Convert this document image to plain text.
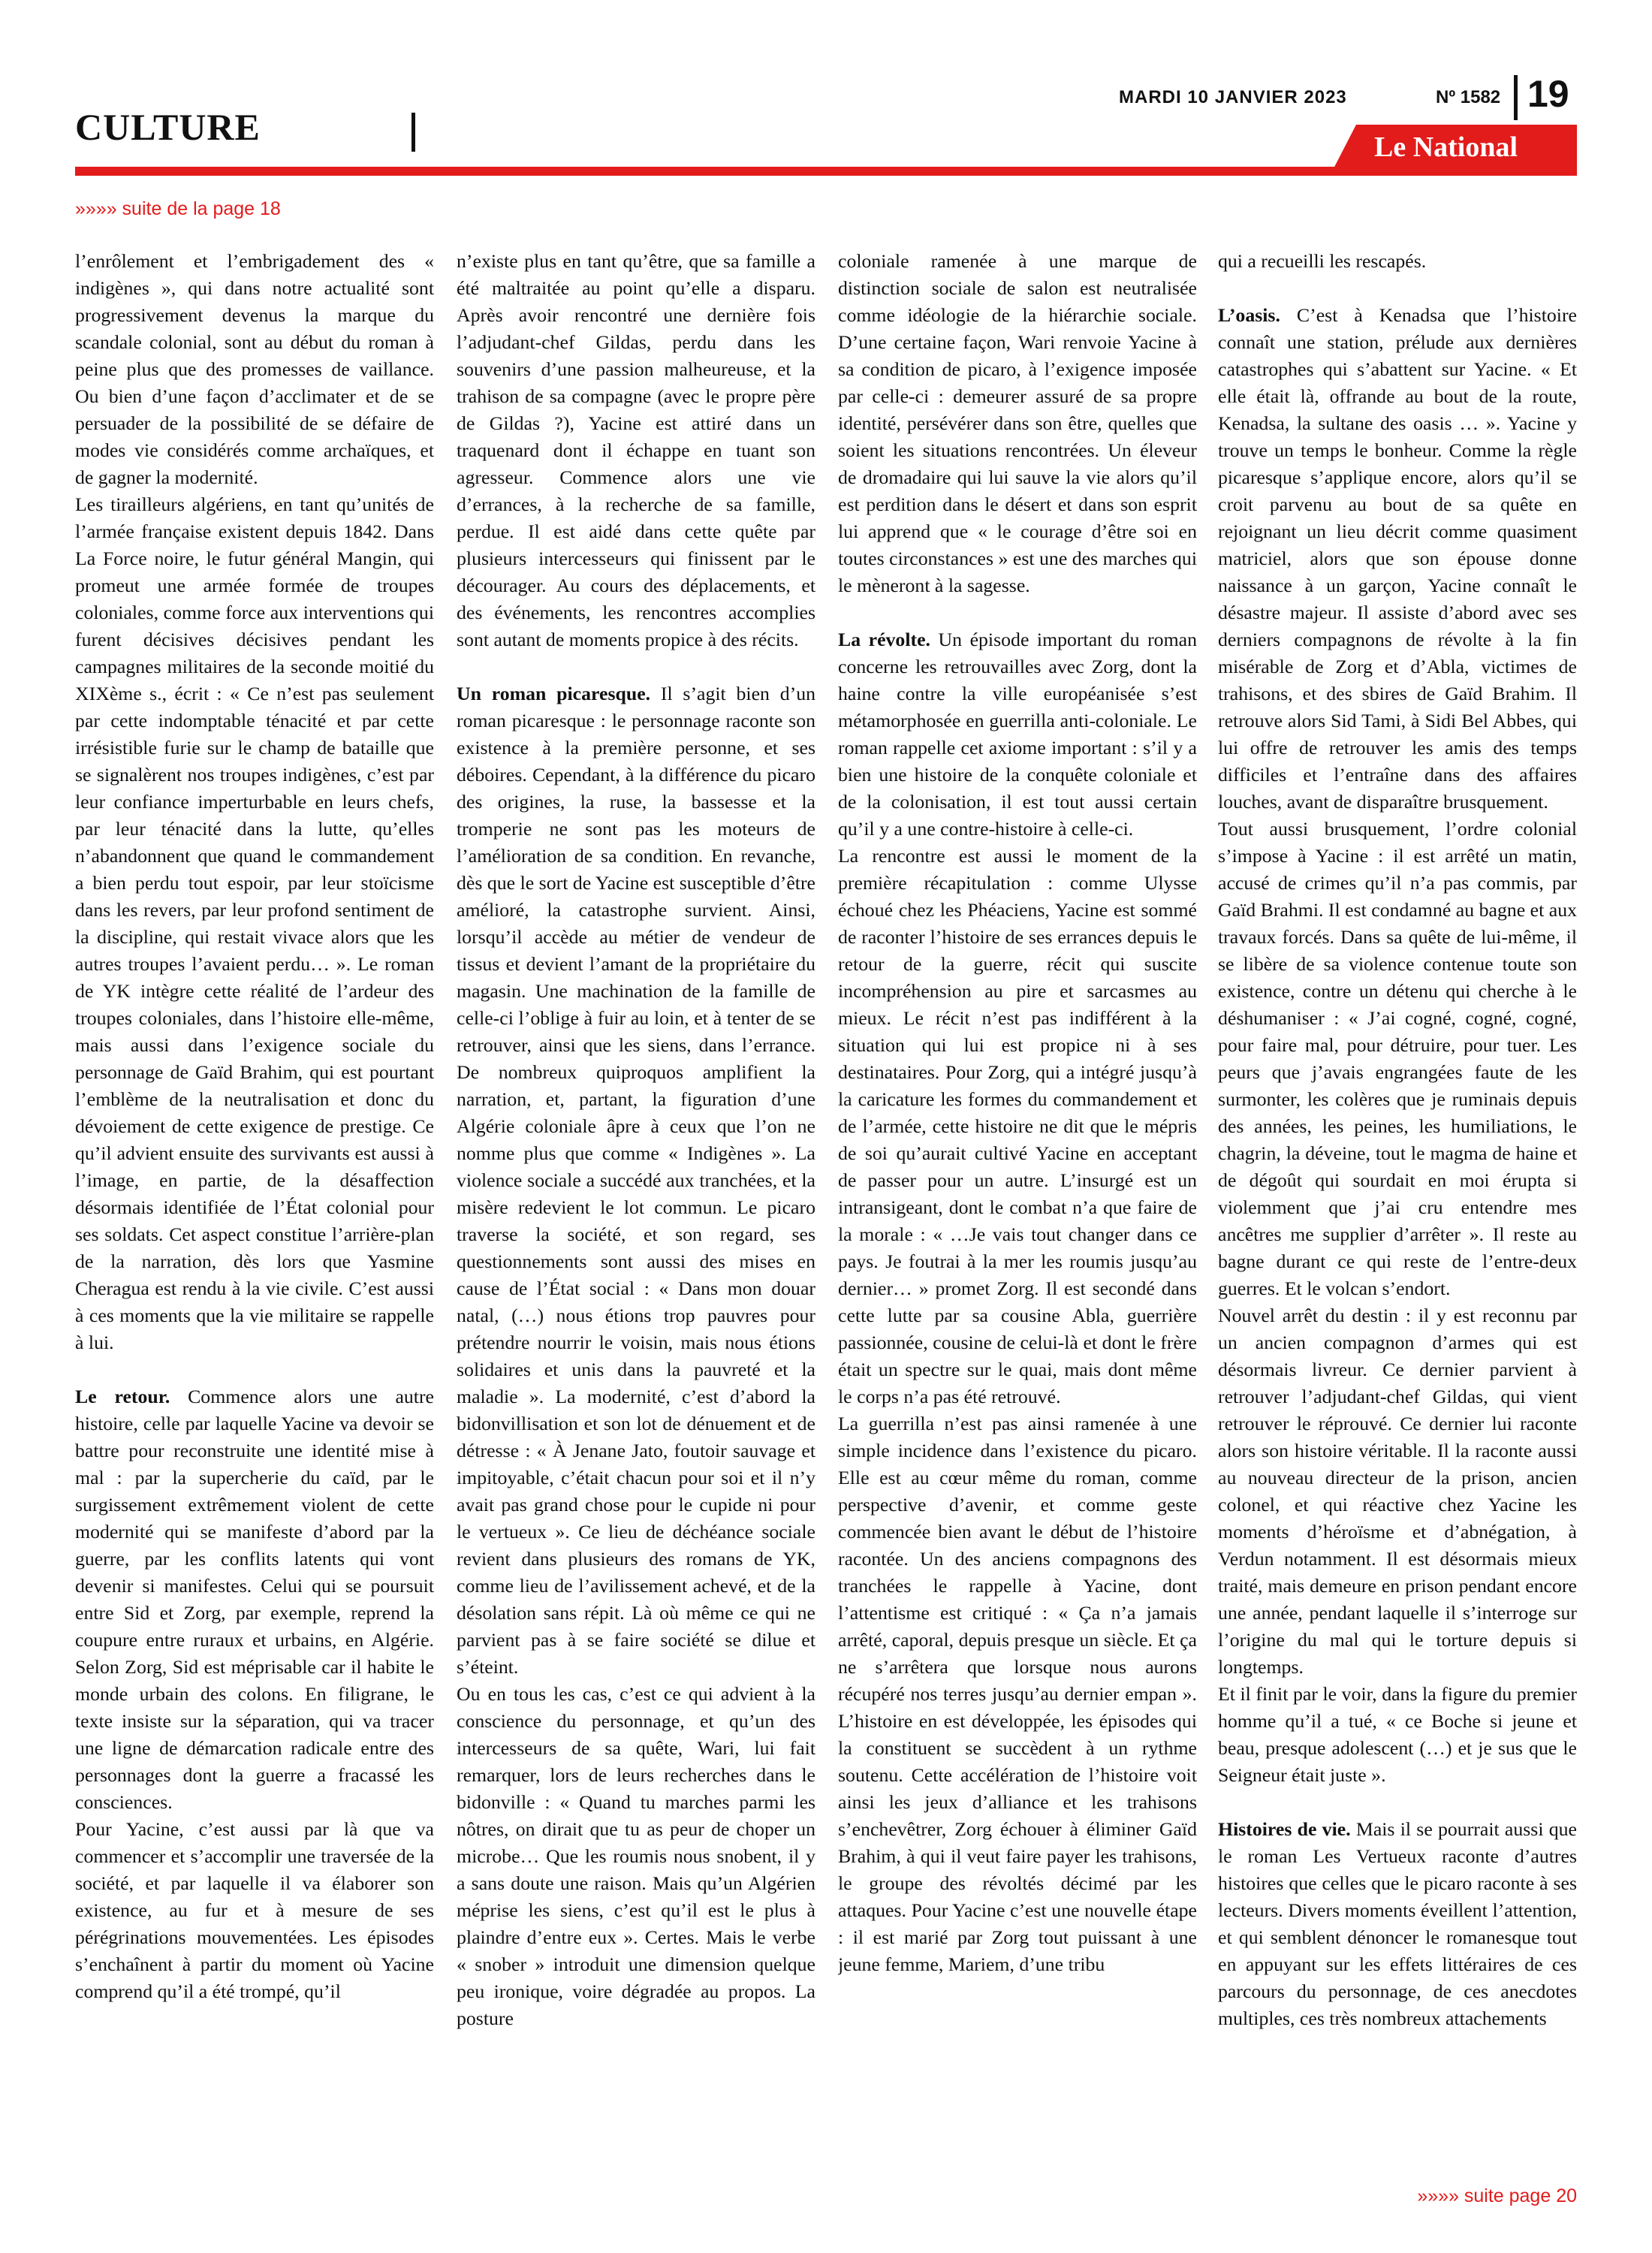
CULTURE
MARDI 10 JANVIER 2023	Nº 1582 19
Le National
»»»» suite de la page 18

l’enrôlement et l’embrigadement des « indigènes », qui dans notre actualité sont progressivement devenus la marque du scandale colonial, sont au début du roman à peine plus que des promesses de vaillance. Ou bien d’une façon d’acclimater et de se persuader de la possibilité de se défaire de modes vie considérés comme archaïques, et de gagner la modernité.

Les tirailleurs algériens, en tant qu’unités de l’armée française existent depuis 1842. Dans La Force noire, le futur général Mangin, qui promeut une armée formée de troupes coloniales, comme force aux interventions qui furent décisives décisives pendant les campagnes militaires de la seconde moitié du XIXème s., écrit : « Ce n’est pas seulement par cette indomptable ténacité et par cette irrésistible furie sur le champ de bataille que se signalèrent nos troupes indigènes, c’est par leur confiance imperturbable en leurs chefs, par leur ténacité dans la lutte, qu’elles n’abandonnent que quand le commandement a bien perdu tout espoir, par leur stoïcisme dans les revers, par leur profond sentiment de la discipline, qui restait vivace alors que les autres troupes l’avaient perdu… ». Le roman de YK intègre cette réalité de l’ardeur des troupes coloniales, dans l’histoire elle-même, mais aussi dans l’exigence sociale du personnage de Gaïd Brahim, qui est pourtant l’emblème de la neutralisation et donc du dévoiement de cette exigence de prestige. Ce qu’il advient ensuite des survivants est aussi à l’image, en partie, de la désaffection désormais identifiée de l’État colonial pour ses soldats. Cet aspect constitue l’arrière-plan de la narration, dès lors que Yasmine Cheragua est rendu à la vie civile. C’est aussi à ces moments que la vie militaire se rappelle à lui.

Le retour. Commence alors une autre histoire, celle par laquelle Yacine va devoir se battre pour reconstruite une identité mise à mal : par la supercherie du caïd, par le surgissement extrêmement violent de cette modernité qui se manifeste d’abord par la guerre, par les conflits latents qui vont devenir si manifestes. Celui qui se poursuit entre Sid et Zorg, par exemple, reprend la coupure entre ruraux et urbains, en Algérie. Selon Zorg, Sid est méprisable car il habite le monde urbain des colons. En filigrane, le texte insiste sur la séparation, qui va tracer une ligne de démarcation radicale entre des personnages dont la guerre a fracassé les consciences.

Pour Yacine, c’est aussi par là que va commencer et s’accomplir une traversée de la société, et par laquelle il va élaborer son existence, au fur et à mesure de ses pérégrinations mouvementées. Les épisodes s’enchaînent à partir du moment où Yacine comprend qu’il a été trompé, qu’il

n’existe plus en tant qu’être, que sa famille a été maltraitée au point qu’elle a disparu. Après avoir rencontré une dernière fois l’adjudant-chef Gildas, perdu dans les souvenirs d’une passion malheureuse, et la trahison de sa compagne (avec le propre père de Gildas ?), Yacine est attiré dans un traquenard dont il échappe en tuant son agresseur. Commence alors une vie d’errances, à la recherche de sa famille, perdue. Il est aidé dans cette quête par plusieurs intercesseurs qui finissent par le décourager. Au cours des déplacements, et des événements, les rencontres accomplies sont autant de moments propice à des récits.

Un roman picaresque. Il s’agit bien d’un roman picaresque : le personnage raconte son existence à la première personne, et ses déboires. Cependant, à la différence du picaro des origines, la ruse, la bassesse et la tromperie ne sont pas les moteurs de l’amélioration de sa condition. En revanche, dès que le sort de Yacine est susceptible d’être amélioré, la catastrophe survient. Ainsi, lorsqu’il accède au métier de vendeur de tissus et devient l’amant de la propriétaire du magasin. Une machination de la famille de celle-ci l’oblige à fuir au loin, et à tenter de se retrouver, ainsi que les siens, dans l’errance. De nombreux quiproquos amplifient la narration, et, partant, la figuration d’une Algérie coloniale âpre à ceux que l’on ne nomme plus que comme « Indigènes ». La violence sociale a succédé aux tranchées, et la misère redevient le lot commun. Le picaro traverse la société, et son regard, ses questionnements sont aussi des mises en cause de l’État social : « Dans mon douar natal, (…) nous étions trop pauvres pour prétendre nourrir le voisin, mais nous étions solidaires et unis dans la pauvreté et la maladie ». La modernité, c’est d’abord la bidonvillisation et son lot de dénuement et de détresse : « À Jenane Jato, foutoir sauvage et impitoyable, c’était chacun pour soi et il n’y avait pas grand chose pour le cupide ni pour le vertueux ». Ce lieu de déchéance sociale revient dans plusieurs des romans de YK, comme lieu de l’avilissement achevé, et de la désolation sans répit. Là où même ce qui ne parvient pas à se faire société se dilue et s’éteint.

Ou en tous les cas, c’est ce qui advient à la conscience du personnage, et qu’un des intercesseurs de sa quête, Wari, lui fait remarquer, lors de leurs recherches dans le bidonville : « Quand tu marches parmi les nôtres, on dirait que tu as peur de choper un microbe… Que les roumis nous snobent, il y a sans doute une raison. Mais qu’un Algérien méprise les siens, c’est qu’il est le plus à plaindre d’entre eux ». Certes. Mais le verbe « snober » introduit une dimension quelque peu ironique, voire dégradée au propos. La posture

coloniale ramenée à une marque de distinction sociale de salon est neutralisée comme idéologie de la hiérarchie sociale. D’une certaine façon, Wari renvoie Yacine à sa condition de picaro, à l’exigence imposée par celle-ci : demeurer assuré de sa propre identité, persévérer dans son être, quelles que soient les situations rencontrées. Un éleveur de dromadaire qui lui sauve la vie alors qu’il est perdition dans le désert et dans son esprit lui apprend que « le courage d’être soi en toutes circonstances » est une des marches qui le mèneront à la sagesse.

La révolte. Un épisode important du roman concerne les retrouvailles avec Zorg, dont la haine contre la ville européanisée s’est métamorphosée en guerrilla anti-coloniale. Le roman rappelle cet axiome important : s’il y a bien une histoire de la conquête coloniale et de la colonisation, il est tout aussi certain qu’il y a une contre-histoire à celle-ci.

La rencontre est aussi le moment de la première récapitulation : comme Ulysse échoué chez les Phéaciens, Yacine est sommé de raconter l’histoire de ses errances depuis le retour de la guerre, récit qui suscite incompréhension au pire et sarcasmes au mieux. Le récit n’est pas indifférent à la situation qui lui est propice ni à ses destinataires. Pour Zorg, qui a intégré jusqu’à la caricature les formes du commandement et de l’armée, cette histoire ne dit que le mépris de soi qu’aurait cultivé Yacine en acceptant de passer pour un autre. L’insurgé est un intransigeant, dont le combat n’a que faire de la morale : « …Je vais tout changer dans ce pays. Je foutrai à la mer les roumis jusqu’au dernier… » promet Zorg. Il est secondé dans cette lutte par sa cousine Abla, guerrière passionnée, cousine de celui-là et dont le frère était un spectre sur le quai, mais dont même le corps n’a pas été retrouvé.

La guerrilla n’est pas ainsi ramenée à une simple incidence dans l’existence du picaro. Elle est au cœur même du roman, comme perspective d’avenir, et comme geste commencée bien avant le début de l’histoire racontée. Un des anciens compagnons des tranchées le rappelle à Yacine, dont l’attentisme est critiqué : « Ça n’a jamais arrêté, caporal, depuis presque un siècle. Et ça ne s’arrêtera que lorsque nous aurons récupéré nos terres jusqu’au dernier empan ». L’histoire en est développée, les épisodes qui la constituent se succèdent à un rythme soutenu. Cette accélération de l’histoire voit ainsi les jeux d’alliance et les trahisons s’enchevêtrer, Zorg échouer à éliminer Gaïd Brahim, à qui il veut faire payer les trahisons, le groupe des révoltés décimé par les attaques. Pour Yacine c’est une nouvelle étape : il est marié par Zorg tout puissant à une jeune femme, Mariem, d’une tribu

qui a recueilli les rescapés.

L’oasis. C’est à Kenadsa que l’histoire connaît une station, prélude aux dernières catastrophes qui s’abattent sur Yacine. « Et elle était là, offrande au bout de la route, Kenadsa, la sultane des oasis … ». Yacine y trouve un temps le bonheur. Comme la règle picaresque s’applique encore, alors qu’il se croit parvenu au bout de sa quête en rejoignant un lieu décrit comme quasiment matriciel, alors que son épouse donne naissance à un garçon, Yacine connaît le désastre majeur. Il assiste d’abord avec ses derniers compagnons de révolte à la fin misérable de Zorg et d’Abla, victimes de trahisons, et des sbires de Gaïd Brahim. Il retrouve alors Sid Tami, à Sidi Bel Abbes, qui lui offre de retrouver les amis des temps difficiles et l’entraîne dans des affaires louches, avant de disparaître brusquement.

Tout aussi brusquement, l’ordre colonial s’impose à Yacine : il est arrêté un matin, accusé de crimes qu’il n’a pas commis, par Gaïd Brahmi. Il est condamné au bagne et aux travaux forcés. Dans sa quête de lui-même, il se libère de sa violence contenue toute son existence, contre un détenu qui cherche à le déshumaniser : « J’ai cogné, cogné, cogné, pour faire mal, pour détruire, pour tuer. Les peurs que j’avais engrangées faute de les surmonter, les colères que je ruminais depuis des années, les peines, les humiliations, le chagrin, la déveine, tout le magma de haine et de dégoût qui sourdait en moi éruptа si violemment que j’ai cru entendre mes ancêtres me supplier d’arrêter ». Il reste au bagne durant ce qui reste de l’entre-deux guerres. Et le volcan s’endort.

Nouvel arrêt du destin : il y est reconnu par un ancien compagnon d’armes qui est désormais livreur. Ce dernier parvient à retrouver l’adjudant-chef Gildas, qui vient retrouver le réprouvé. Ce dernier lui raconte alors son histoire véritable. Il la raconte aussi au nouveau directeur de la prison, ancien colonel, et qui réactive chez Yacine les moments d’héroïsme et d’abnégation, à Verdun notamment. Il est désormais mieux traité, mais demeure en prison pendant encore une année, pendant laquelle il s’interroge sur l’origine du mal qui le torture depuis si longtemps.

Et il finit par le voir, dans la figure du premier homme qu’il a tué, « ce Boche si jeune et beau, presque adolescent (…) et je sus que le Seigneur était juste ».

Histoires de vie. Mais il se pourrait aussi que le roman Les Vertueux raconte d’autres histoires que celles que le picaro raconte à ses lecteurs. Divers moments éveillent l’attention, et qui semblent dénoncer le romanesque tout en appuyant sur les effets littéraires de ces parcours du personnage, de ces anecdotes multiples, ces très nombreux attachements

»»»» suite page 20
